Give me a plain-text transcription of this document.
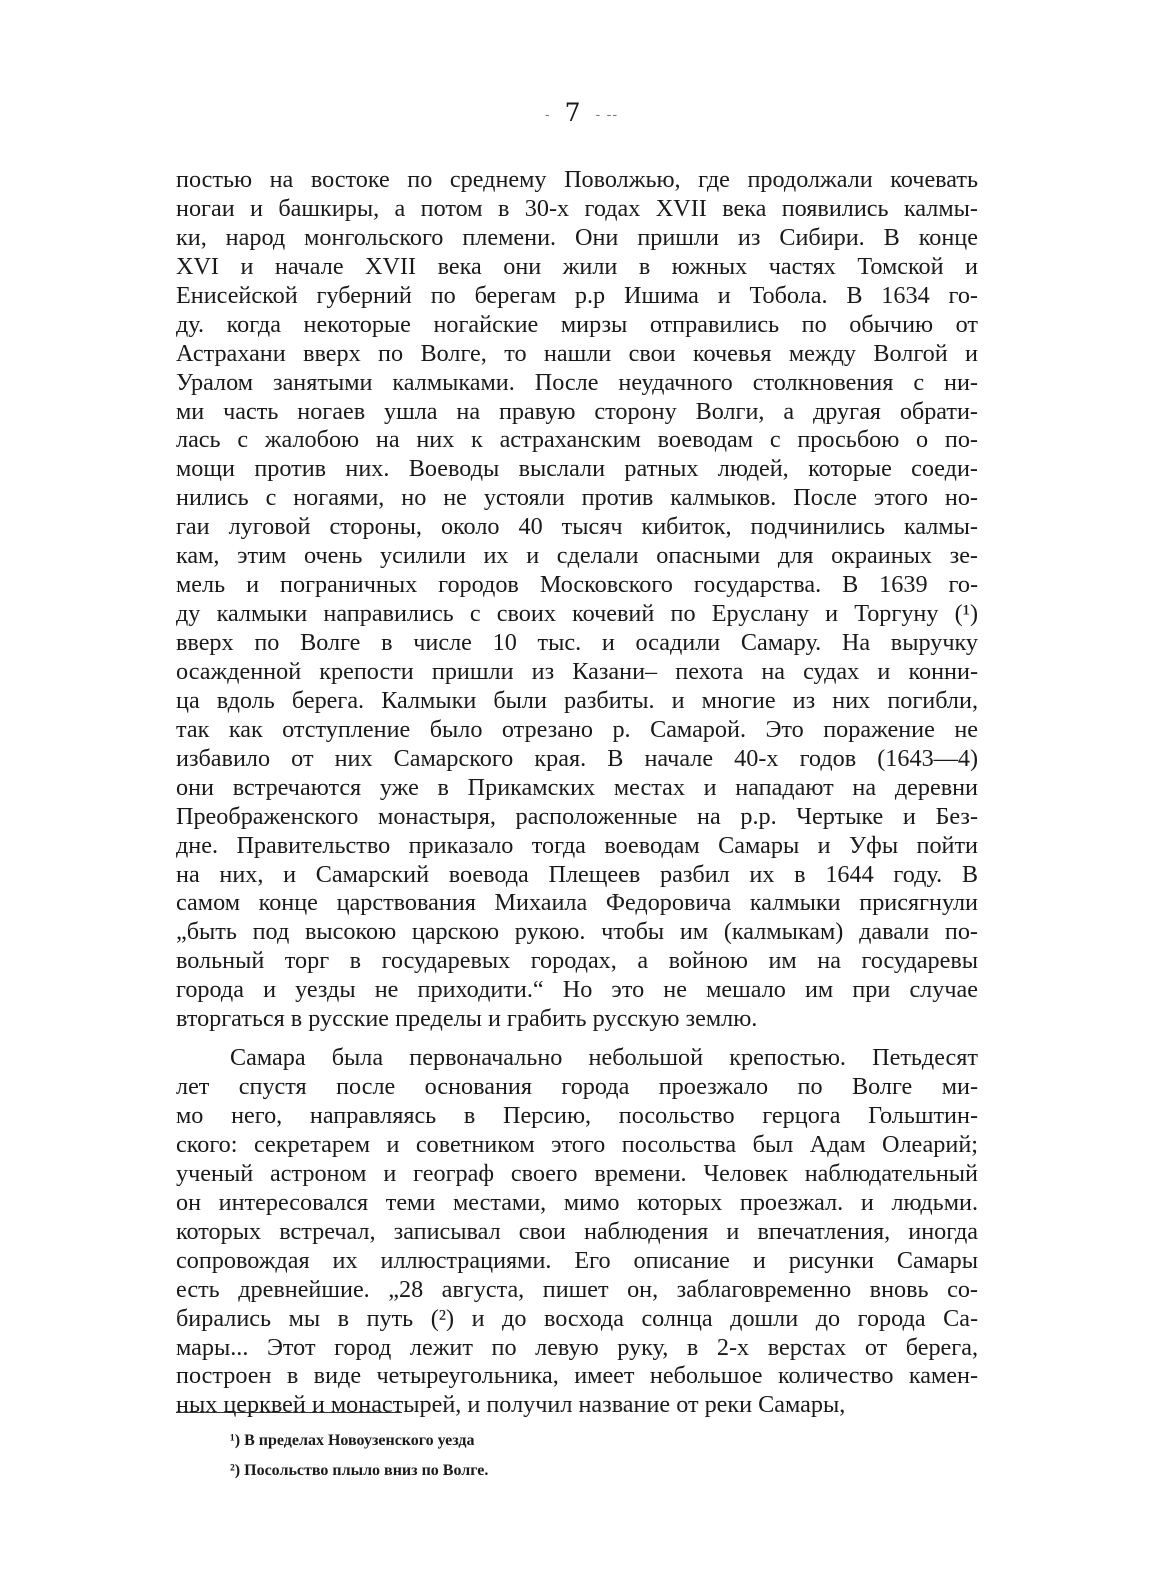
- 7 - --
постью на востоке по среднему Поволжью, где продолжали кочевать
ногаи и башкиры, а потом в 30-х годах XVII века появились калмы-
ки, народ монгольского племени. Они пришли из Сибири. В конце
XVI и начале XVII века они жили в южных частях Томской и
Енисейской губерний по берегам р.р Ишима и Тобола. В 1634 го-
ду. когда некоторые ногайские мирзы отправились по обычию от
Астрахани вверх по Волге, то нашли свои кочевья между Волгой и
Уралом занятыми калмыками. После неудачного столкновения с ни-
ми часть ногаев ушла на правую сторону Волги, а другая обрати-
лась с жалобою на них к астраханским воеводам с просьбою о по-
мощи против них. Воеводы выслали ратных людей, которые соеди-
нились с ногаями, но не устояли против калмыков. После этого но-
гаи луговой стороны, около 40 тысяч кибиток, подчинились калмы-
кам, этим очень усилили их и сделали опасными для окраиных зе-
мель и пограничных городов Московского государства. В 1639 го-
ду калмыки направились с своих кочевий по Еруслану и Торгуну (¹)
вверх по Волге в числе 10 тыс. и осадили Самару. На выручку
осажденной крепости пришли из Казани– пехота на судах и конни-
ца вдоль берега. Калмыки были разбиты. и многие из них погибли,
так как отступление было отрезано р. Самарой. Это поражение не
избавило от них Самарского края. В начале 40-х годов (1643—4)
они встречаются уже в Прикамских местах и нападают на деревни
Преображенского монастыря, расположенные на р.р. Чертыке и Без-
дне. Правительство приказало тогда воеводам Самары и Уфы пойти
на них, и Самарский воевода Плещеев разбил их в 1644 году. В
самом конце царствования Михаила Федоровича калмыки присягнули
„быть под высокою царскою рукою. чтобы им (калмыкам) давали по-
вольный торг в государевых городах, а войною им на государевы
города и уезды не приходити.“ Но это не мешало им при случае
вторгаться в русские пределы и грабить русскую землю.
Самара была первоначально небольшой крепостью. Петьдесят
лет спустя после основания города проезжало по Волге ми-
мо него, направляясь в Персию, посольство герцога Гольштин-
ского: секретарем и советником этого посольства был Адам Олеарий;
ученый астроном и географ своего времени. Человек наблюдательный
он интересовался теми местами, мимо которых проезжал. и людьми.
которых встречал, записывал свои наблюдения и впечатления, иногда
сопровождая их иллюстрациями. Его описание и рисунки Самары
есть древнейшие. „28 августа, пишет он, заблаговременно вновь со-
бирались мы в путь (²) и до восхода солнца дошли до города Са-
мары... Этот город лежит по левую руку, в 2-х верстах от берега,
построен в виде четыреугольника, имеет небольшое количество камен-
ных церквей и монастырей, и получил название от реки Самары,
¹) В пределах Новоузенского уезда
²) Посольство плыло вниз по Волге.
